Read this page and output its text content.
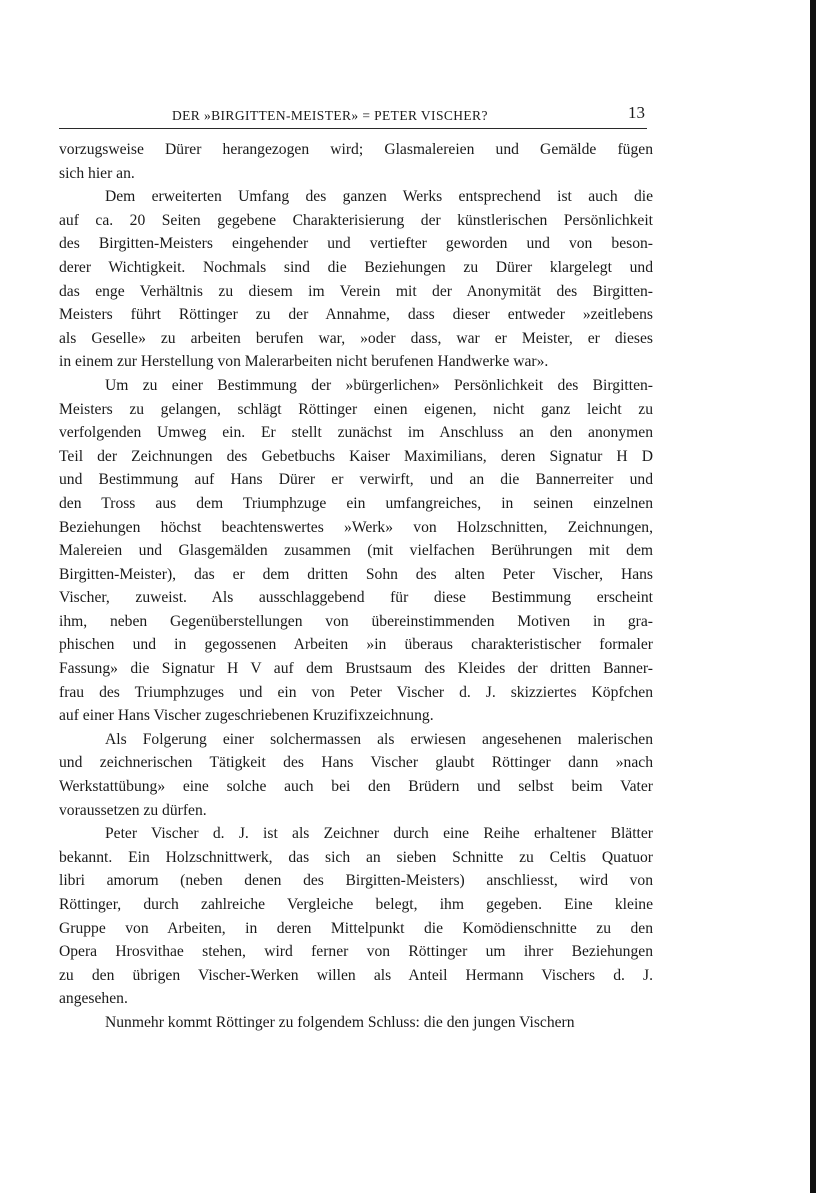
DER »BIRGITTEN-MEISTER» = PETER VISCHER?	13

vorzugsweise Dürer herangezogen wird; Glasmalereien und Gemälde fügen

sich hier an.

Dem erweiterten Umfang des ganzen Werks entsprechend ist auch die

auf ca. 20 Seiten gegebene Charakterisierung der künstlerischen Persönlichkeit

des Birgitten-Meisters eingehender und vertiefter geworden und von beson-

derer Wichtigkeit. Nochmals sind die Beziehungen zu Dürer klargelegt und

das enge Verhältnis zu diesem im Verein mit der Anonymität des Birgitten-

Meisters führt Röttinger zu der Annahme, dass dieser entweder »zeitlebens

als Geselle» zu arbeiten berufen war, »oder dass, war er Meister, er dieses

in einem zur Herstellung von Malerarbeiten nicht berufenen Handwerke war».

Um zu einer Bestimmung der »bürgerlichen» Persönlichkeit des Birgitten-

Meisters zu gelangen, schlägt Röttinger einen eigenen, nicht ganz leicht zu

verfolgenden Umweg ein. Er stellt zunächst im Anschluss an den anonymen

Teil der Zeichnungen des Gebetbuchs Kaiser Maximilians, deren Signatur H D

und Bestimmung auf Hans Dürer er verwirft, und an die Bannerreiter und

den Tross aus dem Triumphzuge ein umfangreiches, in seinen einzelnen

Beziehungen höchst beachtenswertes »Werk» von Holzschnitten, Zeichnungen,

Malereien und Glasgemälden zusammen (mit vielfachen Berührungen mit dem

Birgitten-Meister), das er dem dritten Sohn des alten Peter Vischer, Hans

Vischer, zuweist. Als ausschlaggebend für diese Bestimmung erscheint

ihm, neben Gegenüberstellungen von übereinstimmenden Motiven in gra-

phischen und in gegossenen Arbeiten »in überaus charakteristischer formaler

Fassung» die Signatur H V auf dem Brustsaum des Kleides der dritten Banner-

frau des Triumphzuges und ein von Peter Vischer d. J. skizziertes Köpfchen

auf einer Hans Vischer zugeschriebenen Kruzifixzeichnung.

Als Folgerung einer solchermassen als erwiesen angesehenen malerischen

und zeichnerischen Tätigkeit des Hans Vischer glaubt Röttinger dann »nach

Werkstattübung» eine solche auch bei den Brüdern und selbst beim Vater

voraussetzen zu dürfen.

Peter Vischer d. J. ist als Zeichner durch eine Reihe erhaltener Blätter

bekannt. Ein Holzschnittwerk, das sich an sieben Schnitte zu Celtis Quatuor

libri amorum (neben denen des Birgitten-Meisters) anschliesst, wird von

Röttinger, durch zahlreiche Vergleiche belegt, ihm gegeben. Eine kleine

Gruppe von Arbeiten, in deren Mittelpunkt die Komödienschnitte zu den

Opera Hrosvithae stehen, wird ferner von Röttinger um ihrer Beziehungen

zu den übrigen Vischer-Werken willen als Anteil Hermann Vischers d. J.

angesehen.

Nunmehr kommt Röttinger zu folgendem Schluss: die den jungen Vischern
